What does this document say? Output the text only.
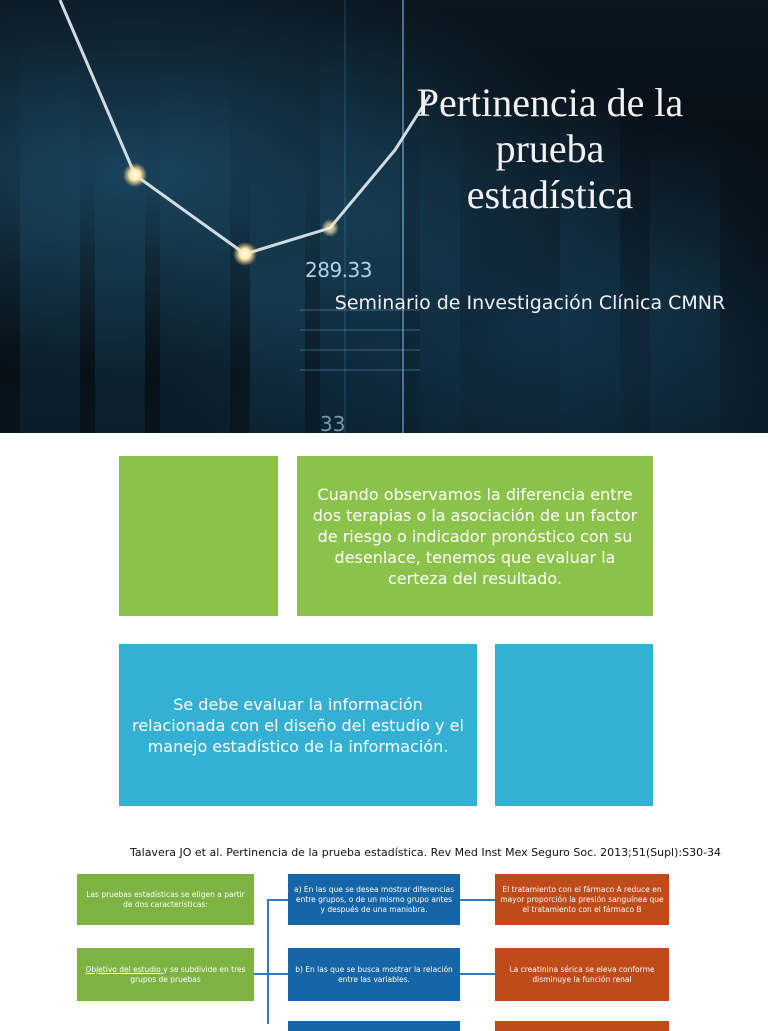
289.33
33
Pertinencia de la
prueba
estadística

Seminario de Investigación Clínica CMNR

Cuando observamos la diferencia entre dos terapias o la asociación de un factor de riesgo o indicador pronóstico con su desenlace, tenemos que evaluar la certeza del resultado.
Se debe evaluar la información relacionada con el diseño del estudio y el manejo estadístico de la información.
Talavera JO et al. Pertinencia de la prueba estadística. Rev Med Inst Mex Seguro Soc. 2013;51(Supl):S30-34
Las pruebas estadísticas se eligen a partir de dos características:
Objetivo del estudio y se subdivide en tres grupos de pruebas
a) En las que se desea mostrar diferencias entre grupos, o de un mismo grupo antes y después de una maniobra.
b) En las que se busca mostrar la relación entre las variables.
El tratamiento con el fármaco A reduce en mayor proporción la presión sanguínea que el tratamiento con el fármaco B
La creatinina sérica se eleva conforme disminuye la función renal
